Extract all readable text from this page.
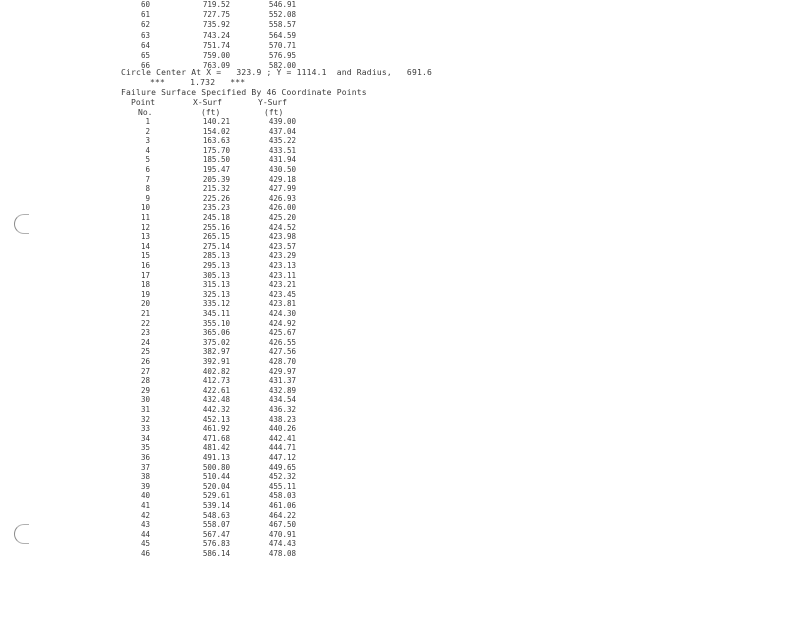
60	719.52	546.91
61	727.75	552.08
62	735.92	558.57
63	743.24	564.59
64	751.74	570.71
65	759.00	576.95
66	763.09	582.00
Circle Center At X =   323.9 ; Y = 1114.1  and Radius,   691.6
***     1.732   ***
Failure Surface Specified By 46 Coordinate Points
Point
No.
X-Surf
(ft)
Y-Surf
(ft)
1	140.21	439.00
2	154.02	437.04
3	163.63	435.22
4	175.70	433.51
5	185.50	431.94
6	195.47	430.50
7	205.39	429.18
8	215.32	427.99
9	225.26	426.93
10	235.23	426.00
11	245.18	425.20
12	255.16	424.52
13	265.15	423.98
14	275.14	423.57
15	285.13	423.29
16	295.13	423.13
17	305.13	423.11
18	315.13	423.21
19	325.13	423.45
20	335.12	423.81
21	345.11	424.30
22	355.10	424.92
23	365.06	425.67
24	375.02	426.55
25	382.97	427.56
26	392.91	428.70
27	402.82	429.97
28	412.73	431.37
29	422.61	432.89
30	432.48	434.54
31	442.32	436.32
32	452.13	438.23
33	461.92	440.26
34	471.68	442.41
35	481.42	444.71
36	491.13	447.12
37	500.80	449.65
38	510.44	452.32
39	520.04	455.11
40	529.61	458.03
41	539.14	461.06
42	548.63	464.22
43	558.07	467.50
44	567.47	470.91
45	576.83	474.43
46	586.14	478.08
